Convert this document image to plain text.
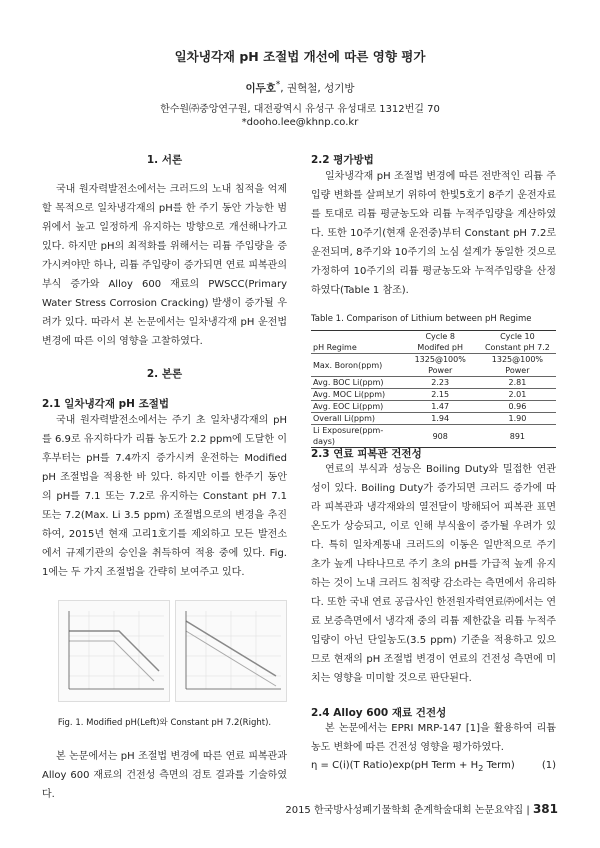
일차냉각재 pH 조절법 개선에 따른 영향 평가
이두호*, 권혁철, 성기방
한수원㈜중앙연구원, 대전광역시 유성구 유성대로 1312번길 70
*dooho.lee@khnp.co.kr
1. 서론

국내 원자력발전소에서는 크러드의 노내 침적을 억제할 목적으로 일차냉각재의 pH를 한 주기 동안 가능한 범위에서 높고 일정하게 유지하는 방향으로 개선해나가고 있다. 하지만 pH의 최적화를 위해서는 리튬 주입량을 증가시켜야만 하나, 리튬 주입량이 증가되면 연료 피복관의 부식 증가와 Alloy 600 재료의 PWSCC(Primary Water Stress Corrosion Cracking) 발생이 증가될 우려가 있다. 따라서 본 논문에서는 일차냉각재 pH 운전법 변경에 따른 이의 영향을 고찰하였다.

2. 본론
2.1 일차냉각재 pH 조절법

국내 원자력발전소에서는 주기 초 일차냉각재의 pH를 6.9로 유지하다가 리튬 농도가 2.2 ppm에 도달한 이후부터는 pH를 7.4까지 증가시켜 운전하는 Modified pH 조절법을 적용한 바 있다. 하지만 이를 한주기 동안의 pH를 7.1 또는 7.2로 유지하는 Constant pH 7.1 또는 7.2(Max. Li 3.5 ppm) 조절법으로의 변경을 추진하여, 2015년 현재 고리1호기를 제외하고 모든 발전소에서 규제기관의 승인을 취득하여 적용 중에 있다. Fig. 1에는 두 가지 조절법을 간략히 보여주고 있다.

Fig. 1. Modified pH(Left)와 Constant pH 7.2(Right).

본 논문에서는 pH 조절법 변경에 따른 연료 피복관과 Alloy 600 재료의 건전성 측면의 검토 결과를 기술하였다.

2.2 평가방법

일차냉각재 pH 조절법 변경에 따른 전반적인 리튬 주입량 변화를 살펴보기 위하여 한빛5호기 8주기 운전자료를 토대로 리튬 평균농도와 리튬 누적주입량을 계산하였다. 또한 10주기(현재 운전중)부터 Constant pH 7.2로 운전되며, 8주기와 10주기의 노심 설계가 동일한 것으로 가정하여 10주기의 리튬 평균농도와 누적주입량을 산정하였다(Table 1 참조).

Table 1. Comparison of Lithium between pH Regime
	Cycle 8	Cycle 10
pH Regime	Modifed pH	Constant pH 7.2
Max. Boron(ppm)	1325@100% Power	1325@100% Power
Avg. BOC Li(ppm)	2.23	2.81
Avg. MOC Li(ppm)	2.15	2.01
Avg. EOC Li(ppm)	1.47	0.96
Overall Li(ppm)	1.94	1.90
Li Exposure(ppm-days)	908	891
2.3 연료 피복관 건전성

연료의 부식과 성능은 Boiling Duty와 밀접한 연관성이 있다. Boiling Duty가 증가되면 크러드 증가에 따라 피복관과 냉각재와의 열전달이 방해되어 피복관 표면 온도가 상승되고, 이로 인해 부식율이 증가될 우려가 있다. 특히 일차계통내 크러드의 이동은 일반적으로 주기 초가 높게 나타나므로 주기 초의 pH를 가급적 높게 유지하는 것이 노내 크러드 침적량 감소라는 측면에서 유리하다. 또한 국내 연료 공급사인 한전원자력연료㈜에서는 연료 보증측면에서 냉각재 중의 리튬 제한값을 리튬 누적주입량이 아닌 단일농도(3.5 ppm) 기준을 적용하고 있으므로 현재의 pH 조절법 변경이 연료의 건전성 측면에 미치는 영향을 미미할 것으로 판단된다.

2.4 Alloy 600 재료 건전성

본 논문에서는 EPRI MRP-147 [1]을 활용하여 리튬농도 변화에 따른 건전성 영향을 평가하였다.

(1)
η = C(i)(T Ratio)exp(pH Term + $H_2$ Term)
2015 한국방사성폐기물학회 춘계학술대회 논문요약집 | 381
